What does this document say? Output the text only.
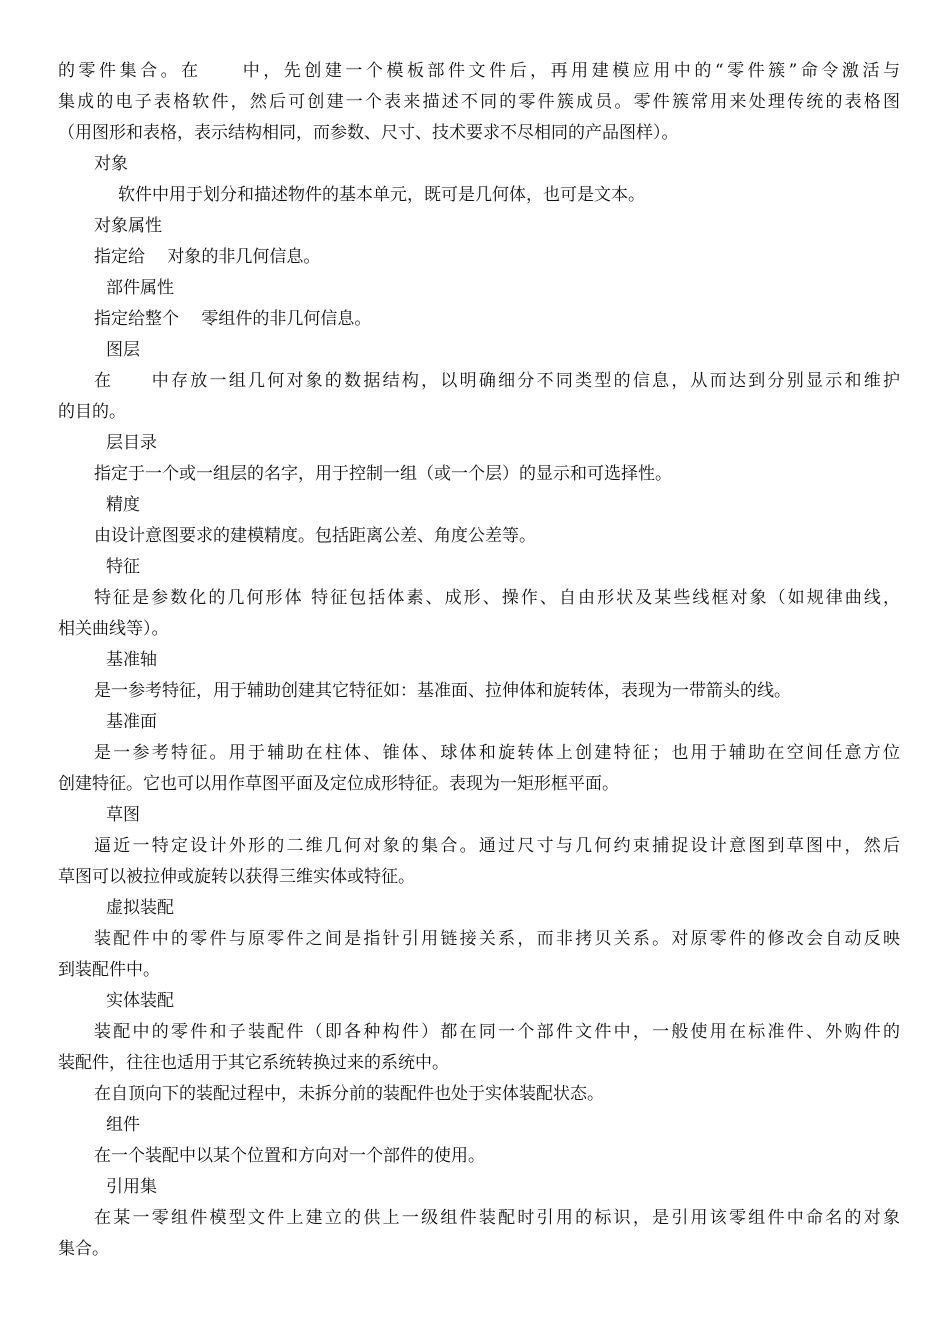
的零件集合。在　　中，先创建一个模板部件文件后，再用建模应用中的“零件簇”命令激活与
集成的电子表格软件，然后可创建一个表来描述不同的零件簇成员。零件簇常用来处理传统的表格图
（用图形和表格，表示结构相同，而参数、尺寸、技术要求不尽相同的产品图样）。
对象
软件中用于划分和描述物件的基本单元，既可是几何体，也可是文本。
对象属性
指定给　 对象的非几何信息。
部件属性
指定给整个　 零组件的非几何信息。
图层
在　　中存放一组几何对象的数据结构，以明确细分不同类型的信息，从而达到分别显示和维护
的目的。
层目录
指定于一个或一组层的名字，用于控制一组（或一个层）的显示和可选择性。
精度
由设计意图要求的建模精度。包括距离公差、角度公差等。
特征
特征是参数化的几何形体 特征包括体素、成形、操作、自由形状及某些线框对象（如规律曲线，
相关曲线等）。
基准轴
是一参考特征，用于辅助创建其它特征如：基准面、拉伸体和旋转体，表现为一带箭头的线。
基准面
是一参考特征。用于辅助在柱体、锥体、球体和旋转体上创建特征；也用于辅助在空间任意方位
创建特征。它也可以用作草图平面及定位成形特征。表现为一矩形框平面。
草图
逼近一特定设计外形的二维几何对象的集合。通过尺寸与几何约束捕捉设计意图到草图中，然后
草图可以被拉伸或旋转以获得三维实体或特征。
虚拟装配
装配件中的零件与原零件之间是指针引用链接关系，而非拷贝关系。对原零件的修改会自动反映
到装配件中。
实体装配
装配中的零件和子装配件（即各种构件）都在同一个部件文件中，一般使用在标准件、外购件的
装配件，往往也适用于其它系统转换过来的系统中。
在自顶向下的装配过程中，未拆分前的装配件也处于实体装配状态。
组件
在一个装配中以某个位置和方向对一个部件的使用。
引用集
在某一零组件模型文件上建立的供上一级组件装配时引用的标识，是引用该零组件中命名的对象
集合。
